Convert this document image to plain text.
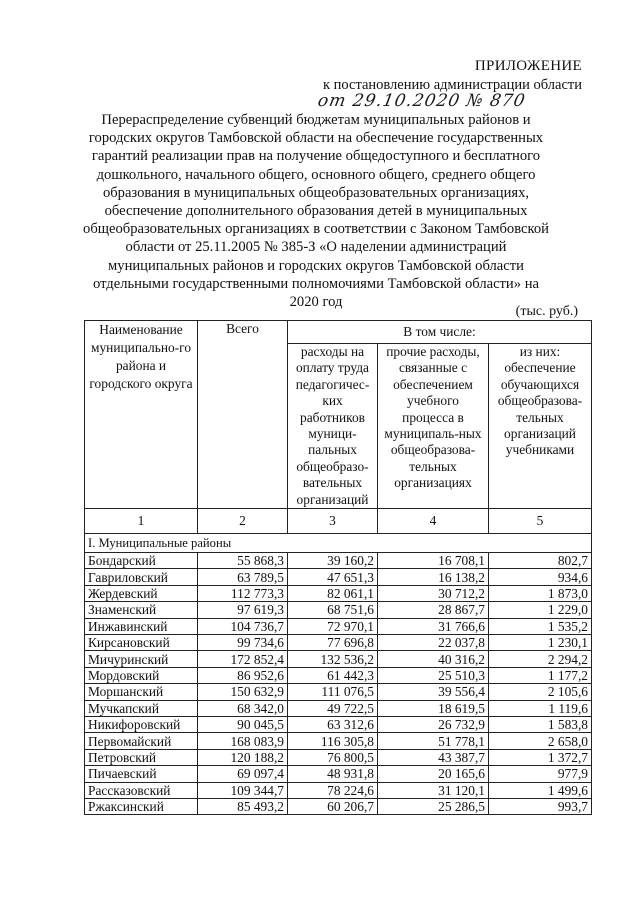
ПРИЛОЖЕНИЕ
к постановлению администрации области
от 29.10.2020 № 870
Перераспределение субвенций бюджетам муниципальных районов и городских округов Тамбовской области на обеспечение государственных гарантий реализации прав на получение общедоступного и бесплатного дошкольного, начального общего, основного общего, среднего общего образования в муниципальных общеобразовательных организациях, обеспечение дополнительного образования детей в муниципальных общеобразовательных организациях в соответствии с Законом Тамбовской области от 25.11.2005 № 385-З «О наделении администраций муниципальных районов и городских округов Тамбовской области отдельными государственными полномочиями Тамбовской области» на 2020 год
(тыс. руб.)
Наименование муниципально-го района и городского округа	Всего	В том числе:		
		расходы на оплату труда педагогичес-ких работников муници-пальных общеобразо-вательных организаций	прочие расходы, связанные с обеспечением учебного процесса в муниципаль-ных общеобразова-тельных организациях	из них: обеспечение обучающихся общеобразова-тельных организаций учебниками
1	2	3	4	5
I. Муниципальные районы				
Бондарский	55 868,3	39 160,2	16 708,1	802,7
Гавриловский	63 789,5	47 651,3	16 138,2	934,6
Жердевский	112 773,3	82 061,1	30 712,2	1 873,0
Знаменский	97 619,3	68 751,6	28 867,7	1 229,0
Инжавинский	104 736,7	72 970,1	31 766,6	1 535,2
Кирсановский	99 734,6	77 696,8	22 037,8	1 230,1
Мичуринский	172 852,4	132 536,2	40 316,2	2 294,2
Мордовский	86 952,6	61 442,3	25 510,3	1 177,2
Моршанский	150 632,9	111 076,5	39 556,4	2 105,6
Мучкапский	68 342,0	49 722,5	18 619,5	1 119,6
Никифоровский	90 045,5	63 312,6	26 732,9	1 583,8
Первомайский	168 083,9	116 305,8	51 778,1	2 658,0
Петровский	120 188,2	76 800,5	43 387,7	1 372,7
Пичаевский	69 097,4	48 931,8	20 165,6	977,9
Рассказовский	109 344,7	78 224,6	31 120,1	1 499,6
Ржаксинский	85 493,2	60 206,7	25 286,5	993,7
